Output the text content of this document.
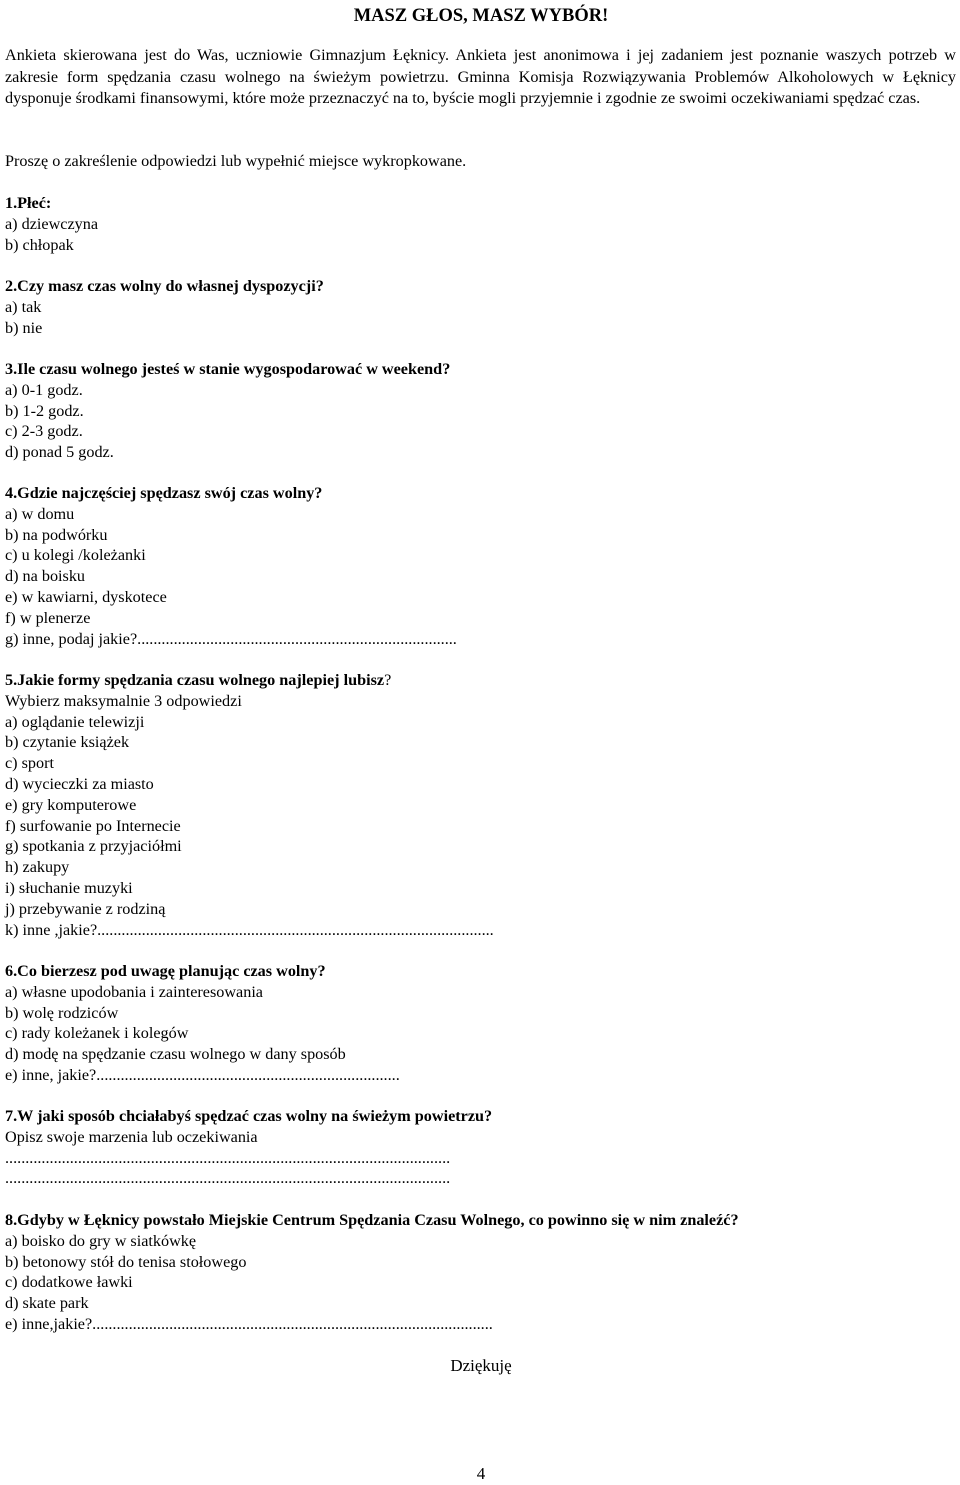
MASZ GŁOS, MASZ WYBÓR!
Ankieta skierowana jest do Was, uczniowie Gimnazjum Łęknicy. Ankieta jest anonimowa i jej zadaniem jest poznanie waszych potrzeb w zakresie form spędzania czasu wolnego na świeżym powietrzu. Gminna Komisja Rozwiązywania Problemów Alkoholowych w Łęknicy dysponuje środkami finansowymi, które może przeznaczyć na to, byście mogli przyjemnie i zgodnie ze swoimi oczekiwaniami spędzać czas.
Proszę o zakreślenie odpowiedzi lub wypełnić miejsce wykropkowane.
1.Płeć:
a) dziewczyna
b) chłopak
2.Czy masz czas wolny do własnej dyspozycji?
a) tak
b) nie
3.Ile czasu wolnego jesteś w stanie wygospodarować w weekend?
a) 0-1 godz.
b) 1-2 godz.
c) 2-3 godz.
d) ponad 5 godz.
4.Gdzie najczęściej spędzasz swój czas wolny?
a) w domu
b) na podwórku
c) u kolegi /koleżanki
d) na boisku
e) w kawiarni, dyskotece
f) w plenerze
g) inne, podaj jakie?...............................................................................
5.Jakie formy spędzania czasu wolnego najlepiej lubisz?
Wybierz maksymalnie 3 odpowiedzi
a) oglądanie telewizji
b) czytanie książek
c) sport
d) wycieczki za miasto
e) gry komputerowe
f) surfowanie po Internecie
g) spotkania z przyjaciółmi
h) zakupy
i) słuchanie muzyki
j) przebywanie z rodziną
k) inne ,jakie?..................................................................................................
6.Co bierzesz pod uwagę planując czas wolny?
a) własne upodobania i zainteresowania
b) wolę rodziców
c) rady koleżanek i kolegów
d) modę na spędzanie czasu wolnego w dany sposób
e) inne, jakie?...........................................................................
7.W jaki sposób chciałabyś spędzać czas wolny na świeżym powietrzu?
Opisz swoje marzenia lub oczekiwania
..............................................................................................................
..............................................................................................................
8.Gdyby w Łęknicy powstało Miejskie Centrum Spędzania Czasu Wolnego, co powinno się w nim znaleźć?
a) boisko do gry w siatkówkę
b) betonowy stół do tenisa stołowego
c) dodatkowe ławki
d) skate park
e) inne,jakie?...................................................................................................
Dziękuję
4
